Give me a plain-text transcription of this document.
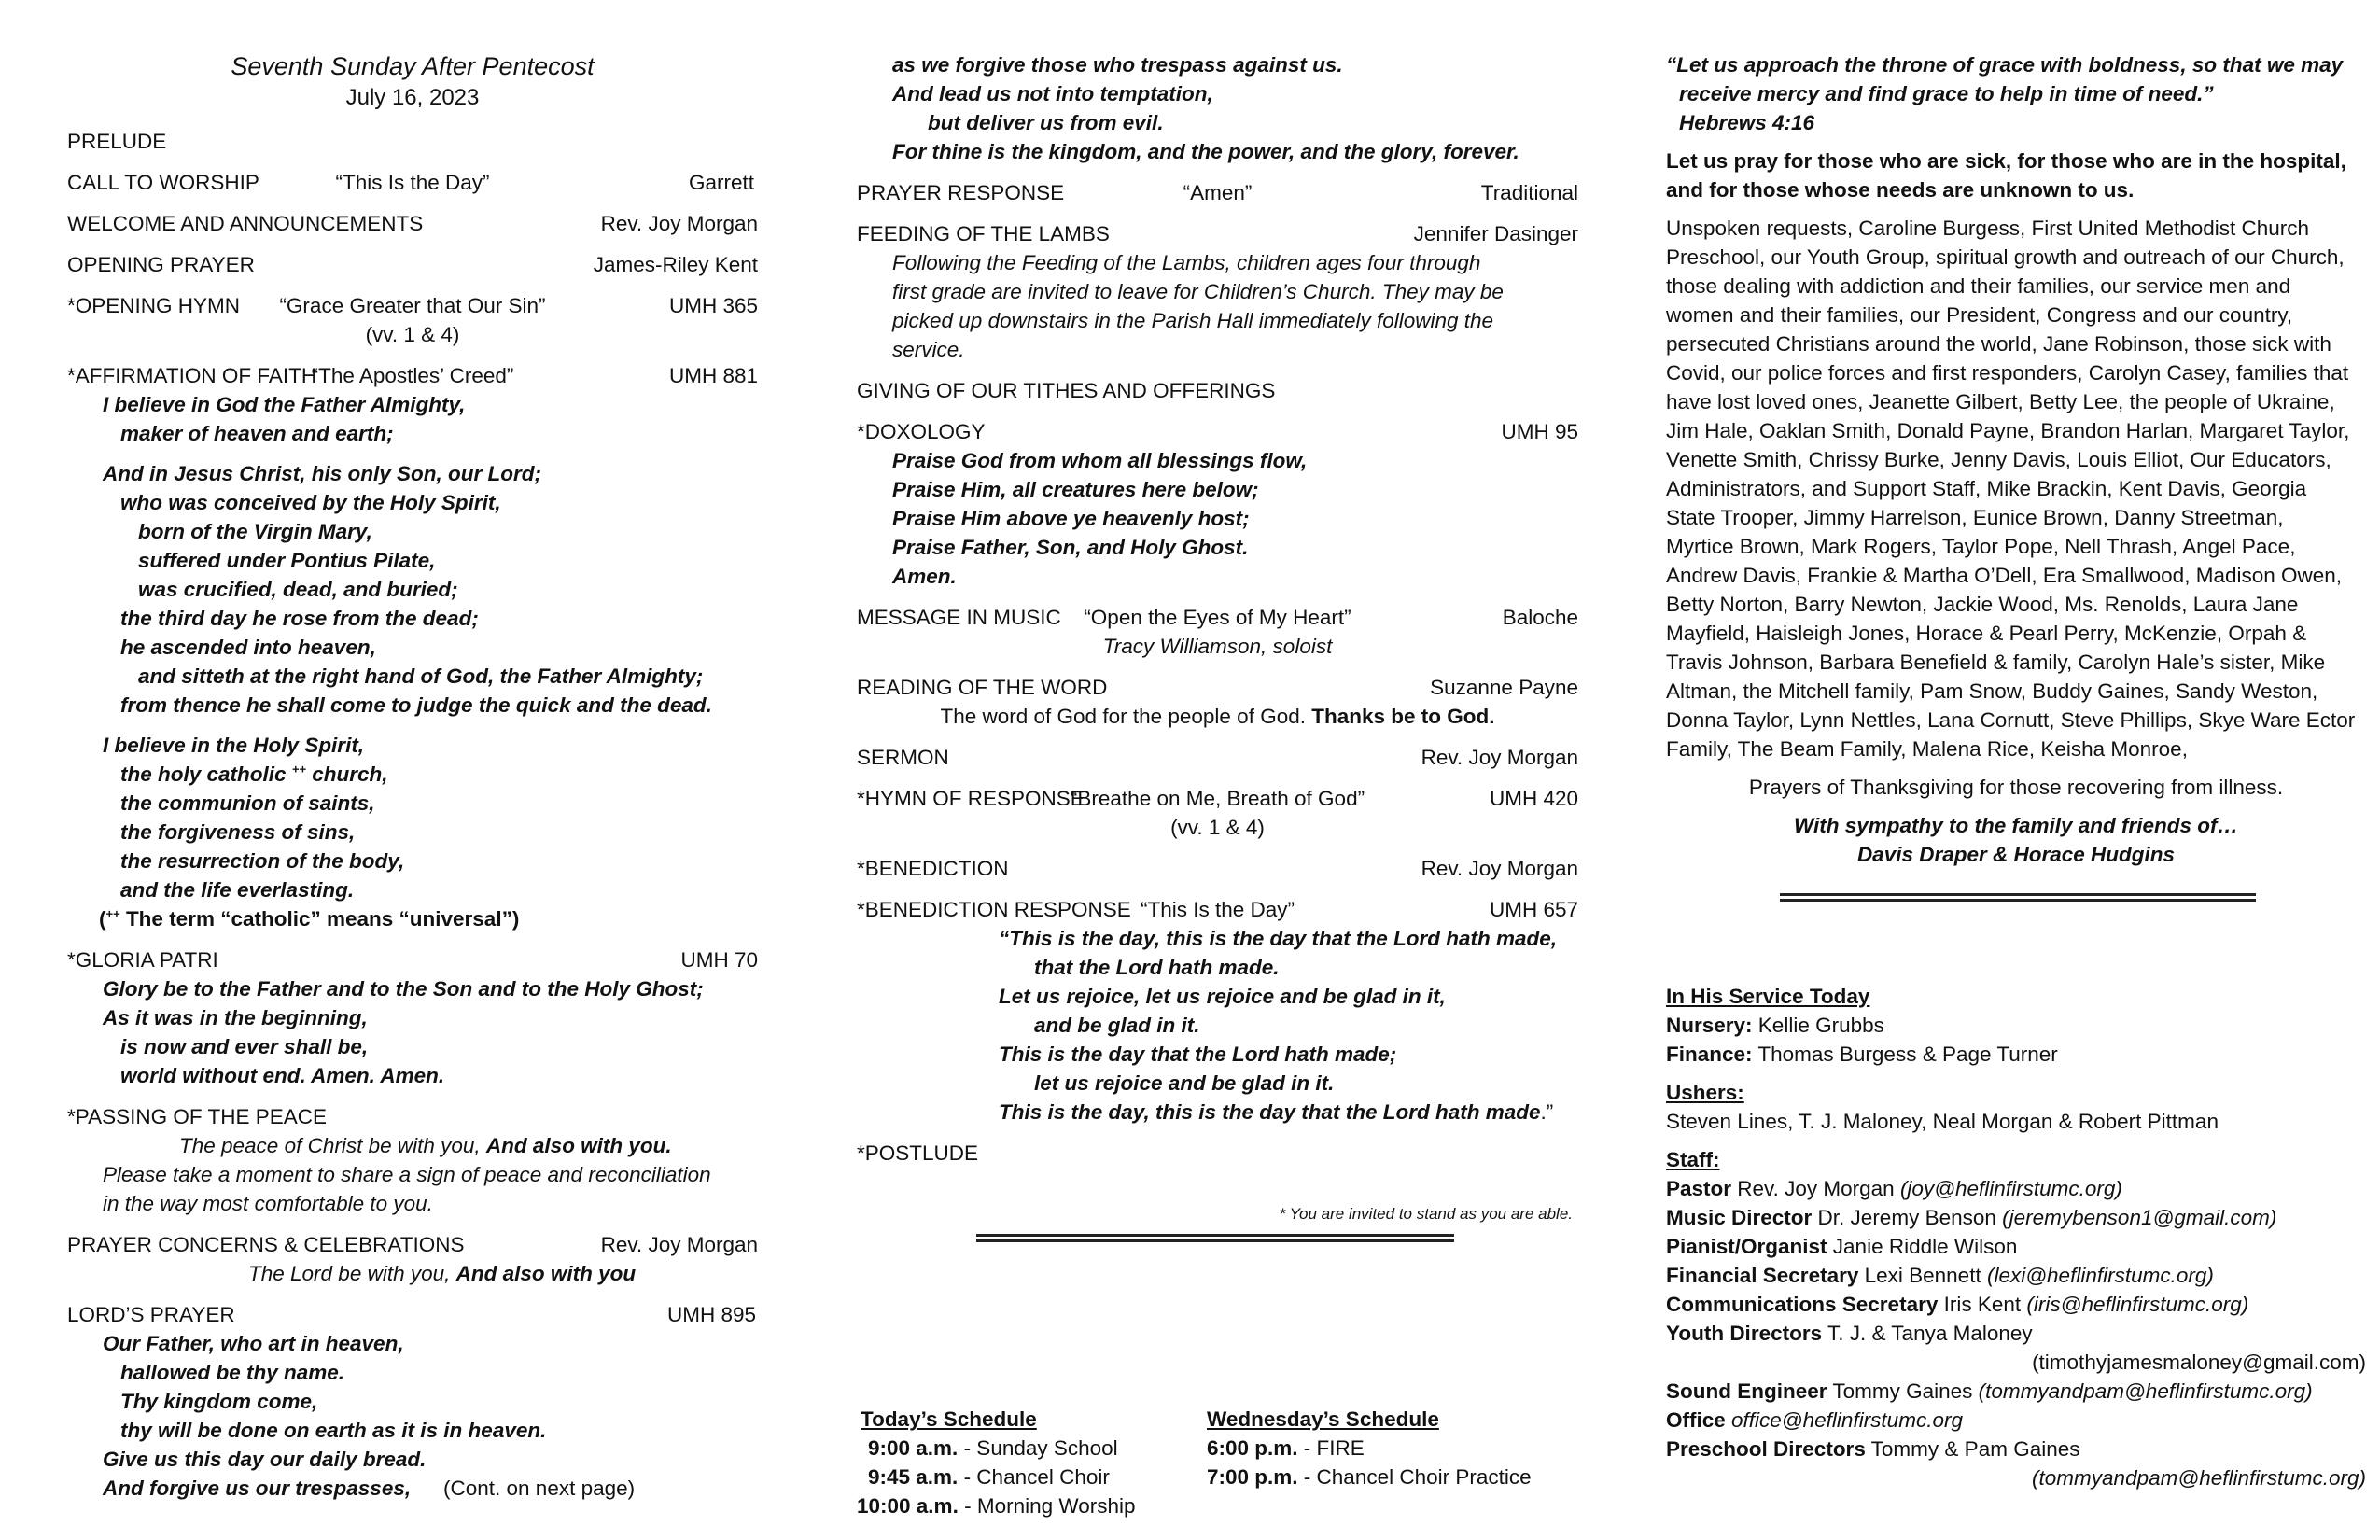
Seventh Sunday After Pentecost
July 16, 2023
PRELUDE
CALL TO WORSHIP	“This Is the Day”	Garrett
WELCOME AND ANNOUNCEMENTS	Rev. Joy Morgan
OPENING PRAYER	James-Riley Kent
*OPENING HYMN	“Grace Greater that Our Sin”	UMH 365
(vv. 1 & 4)
*AFFIRMATION OF FAITH
“The Apostles’ Creed”	UMH 881
I believe in God the Father Almighty,
maker of heaven and earth;
And in Jesus Christ, his only Son, our Lord;
who was conceived by the Holy Spirit,
born of the Virgin Mary,
suffered under Pontius Pilate,
was crucified, dead, and buried;
the third day he rose from the dead;
he ascended into heaven,
and sitteth at the right hand of God, the Father Almighty;
from thence he shall come to judge the quick and the dead.
I believe in the Holy Spirit,
the holy catholic ++ church,
the communion of saints,
the forgiveness of sins,
the resurrection of the body,
and the life everlasting.
(++ The term “catholic” means “universal”)
*GLORIA PATRI	UMH 70
Glory be to the Father and to the Son and to the Holy Ghost;
As it was in the beginning,
is now and ever shall be,
world without end. Amen. Amen.
*PASSING OF THE PEACE
The peace of Christ be with you, And also with you.
Please take a moment to share a sign of peace and reconciliation
in the way most comfortable to you.
PRAYER CONCERNS & CELEBRATIONS	Rev. Joy Morgan
The Lord be with you, And also with you
LORD’S PRAYER	UMH 895
Our Father, who art in heaven,
hallowed be thy name.
Thy kingdom come,
thy will be done on earth as it is in heaven.
Give us this day our daily bread.
And forgive us our trespasses, (Cont. on next page)
as we forgive those who trespass against us.
And lead us not into temptation,
but deliver us from evil.
For thine is the kingdom, and the power, and the glory, forever.
PRAYER RESPONSE	“Amen”	Traditional
FEEDING OF THE LAMBS	Jennifer Dasinger
Following the Feeding of the Lambs, children ages four through
first grade are invited to leave for Children’s Church. They may be
picked up downstairs in the Parish Hall immediately following the
service.
GIVING OF OUR TITHES AND OFFERINGS
*DOXOLOGY	UMH 95
Praise God from whom all blessings flow,
Praise Him, all creatures here below;
Praise Him above ye heavenly host;
Praise Father, Son, and Holy Ghost.
Amen.
MESSAGE IN MUSIC	“Open the Eyes of My Heart”	Baloche
Tracy Williamson, soloist
READING OF THE WORD	Suzanne Payne
The word of God for the people of God. Thanks be to God.
SERMON	Rev. Joy Morgan
*HYMN OF RESPONSE
“Breathe on Me, Breath of God”	UMH 420
(vv. 1 & 4)
*BENEDICTION	Rev. Joy Morgan
*BENEDICTION RESPONSE “This Is the Day”	UMH 657
“This is the day, this is the day that the Lord hath made,
that the Lord hath made.
Let us rejoice, let us rejoice and be glad in it,
and be glad in it.
This is the day that the Lord hath made;
let us rejoice and be glad in it.
This is the day, this is the day that the Lord hath made.”
*POSTLUDE
* You are invited to stand as you are able.
Today’s Schedule
9:00 a.m. - Sunday School
9:45 a.m. - Chancel Choir
10:00 a.m. - Morning Worship
Wednesday’s Schedule
6:00 p.m. - FIRE
7:00 p.m. - Chancel Choir Practice
“Let us approach the throne of grace with boldness, so that we may
receive mercy and find grace to help in time of need.”
Hebrews 4:16
Let us pray for those who are sick, for those who are in the hospital, and for those whose needs are unknown to us.
Unspoken requests, Caroline Burgess, First United Methodist Church Preschool, our Youth Group, spiritual growth and outreach of our Church, those dealing with addiction and their families, our service men and women and their families, our President, Congress and our country, persecuted Christians around the world, Jane Robinson, those sick with Covid, our police forces and first responders, Carolyn Casey, families that have lost loved ones, Jeanette Gilbert, Betty Lee, the people of Ukraine, Jim Hale, Oaklan Smith, Donald Payne, Brandon Harlan, Margaret Taylor, Venette Smith, Chrissy Burke, Jenny Davis, Louis Elliot, Our Educators, Administrators, and Support Staff, Mike Brackin, Kent Davis, Georgia State Trooper, Jimmy Harrelson, Eunice Brown, Danny Streetman, Myrtice Brown, Mark Rogers, Taylor Pope, Nell Thrash, Angel Pace, Andrew Davis, Frankie & Martha O’Dell, Era Smallwood, Madison Owen, Betty Norton, Barry Newton, Jackie Wood, Ms. Renolds, Laura Jane Mayfield, Haisleigh Jones, Horace & Pearl Perry, McKenzie, Orpah & Travis Johnson, Barbara Benefield & family, Carolyn Hale’s sister, Mike Altman, the Mitchell family, Pam Snow, Buddy Gaines, Sandy Weston, Donna Taylor, Lynn Nettles, Lana Cornutt, Steve Phillips, Skye Ware Ector Family, The Beam Family, Malena Rice, Keisha Monroe,
Prayers of Thanksgiving for those recovering from illness.
With sympathy to the family and friends of…
Davis Draper & Horace Hudgins
In His Service Today
Nursery: Kellie Grubbs
Finance: Thomas Burgess & Page Turner
Ushers:
Steven Lines, T. J. Maloney, Neal Morgan & Robert Pittman
Staff:
Pastor Rev. Joy Morgan (joy@heflinfirstumc.org)
Music Director Dr. Jeremy Benson (jeremybenson1@gmail.com)
Pianist/Organist Janie Riddle Wilson
Financial Secretary Lexi Bennett (lexi@heflinfirstumc.org)
Communications Secretary Iris Kent (iris@heflinfirstumc.org)
Youth Directors T. J. & Tanya Maloney
(timothyjamesmaloney@gmail.com)
Sound Engineer Tommy Gaines (tommyandpam@heflinfirstumc.org)
Office office@heflinfirstumc.org
Preschool Directors Tommy & Pam Gaines
(tommyandpam@heflinfirstumc.org)
